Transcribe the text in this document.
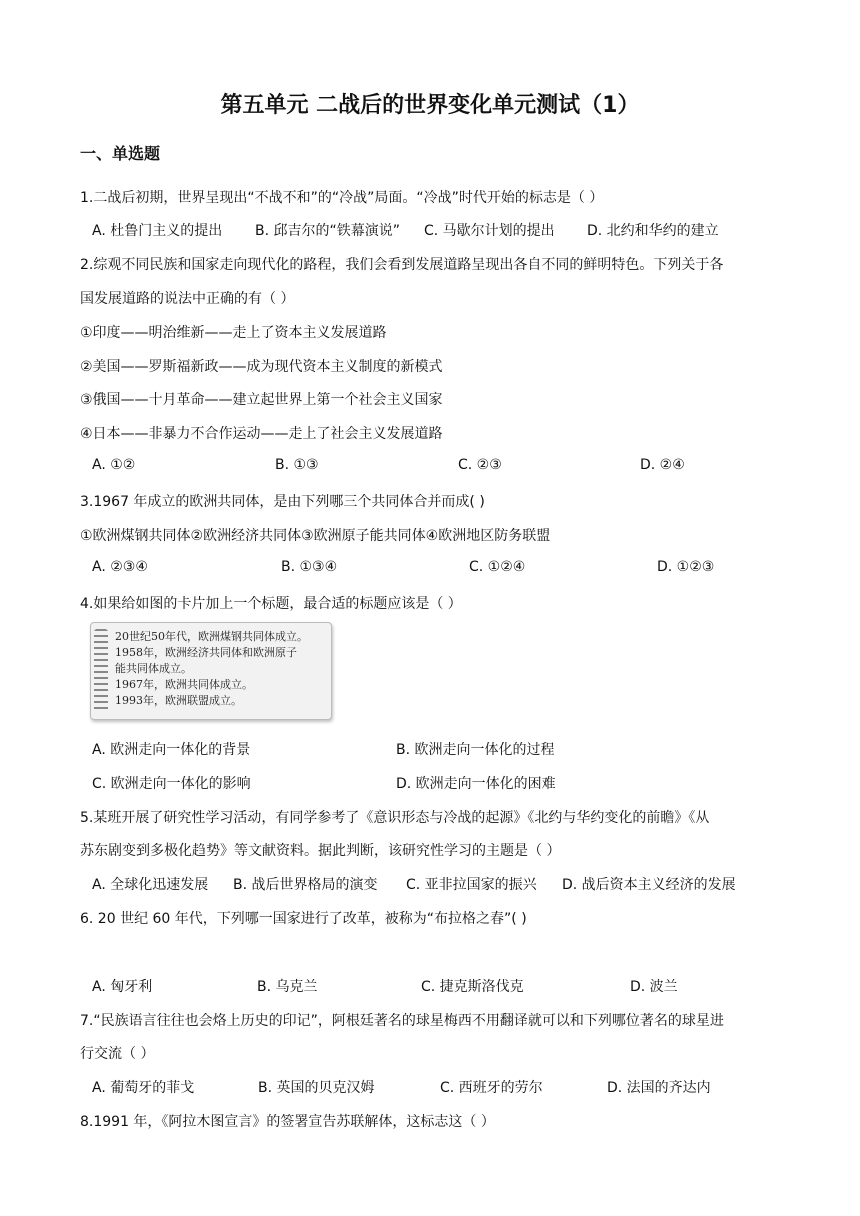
第五单元 二战后的世界变化单元测试（1）
一、单选题
1.二战后初期，世界呈现出“不战不和”的“冷战”局面。“冷战”时代开始的标志是（ ）
A. 杜鲁门主义的提出 B. 邱吉尔的“铁幕演说” C. 马歇尔计划的提出 D. 北约和华约的建立
2.综观不同民族和国家走向现代化的路程，我们会看到发展道路呈现出各自不同的鲜明特色。下列关于各
国发展道路的说法中正确的有（ ）
①印度——明治维新——走上了资本主义发展道路
②美国——罗斯福新政——成为现代资本主义制度的新模式
③俄国——十月革命——建立起世界上第一个社会主义国家
④日本——非暴力不合作运动——走上了社会主义发展道路
A. ①②	B. ①③	C. ②③	D. ②④
3.1967 年成立的欧洲共同体，是由下列哪三个共同体合并而成( )
①欧洲煤钢共同体②欧洲经济共同体③欧洲原子能共同体④欧洲地区防务联盟
A. ②③④	B. ①③④	C. ①②④	D. ①②③
4.如果给如图的卡片加上一个标题，最合适的标题应该是（ ）
20世纪50年代，欧洲煤钢共同体成立。
1958年，欧洲经济共同体和欧洲原子
能共同体成立。
1967年，欧洲共同体成立。
1993年，欧洲联盟成立。
A. 欧洲走向一体化的背景	B. 欧洲走向一体化的过程
C. 欧洲走向一体化的影响	D. 欧洲走向一体化的困难
5.某班开展了研究性学习活动，有同学参考了《意识形态与冷战的起源》《北约与华约变化的前瞻》《从
苏东剧变到多极化趋势》等文献资料。据此判断，该研究性学习的主题是（ ）
A. 全球化迅速发展 B. 战后世界格局的演变 C. 亚非拉国家的振兴 D. 战后资本主义经济的发展
6. 20 世纪 60 年代，下列哪一国家进行了改革，被称为“布拉格之春”( )
A. 匈牙利	B. 乌克兰	C. 捷克斯洛伐克	D. 波兰
7.“民族语言往往也会烙上历史的印记”，阿根廷著名的球星梅西不用翻译就可以和下列哪位著名的球星进
行交流（ ）
A. 葡萄牙的菲戈	B. 英国的贝克汉姆	C. 西班牙的劳尔	D. 法国的齐达内
8.1991 年，《阿拉木图宣言》的签署宣告苏联解体，这标志这（ ）
